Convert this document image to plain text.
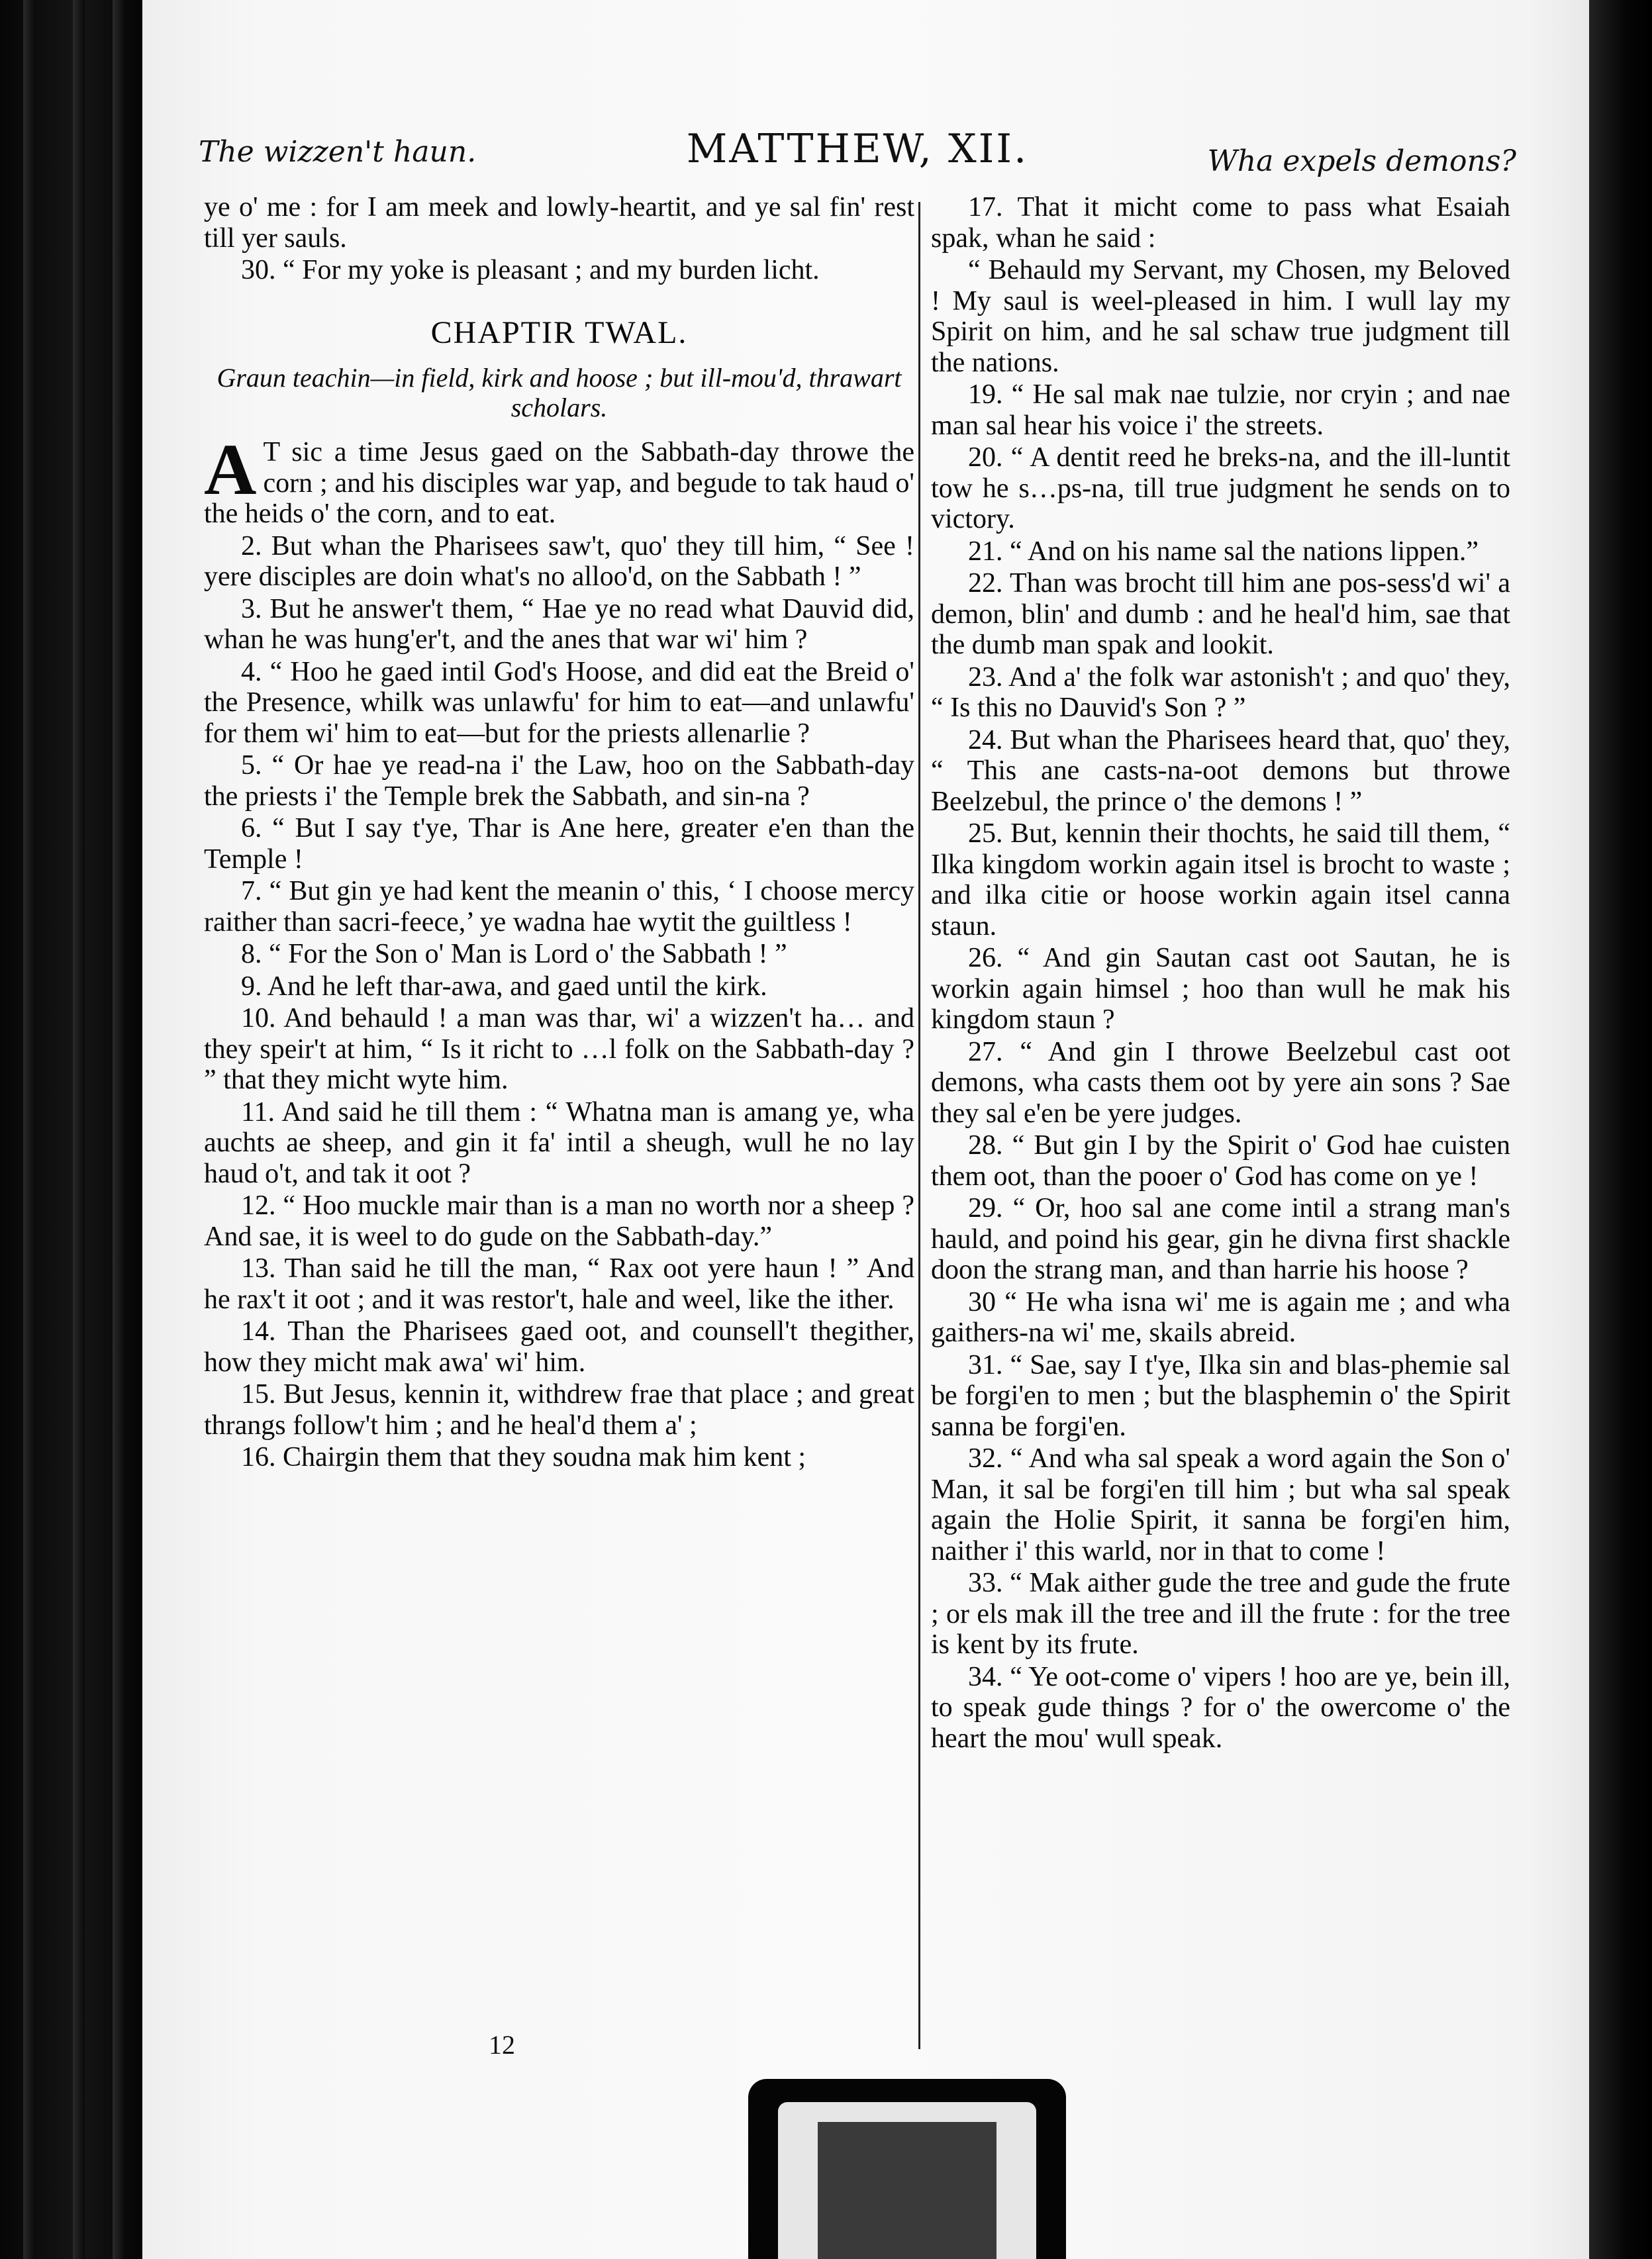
The wizzen't haun.	MATTHEW, XII.	Wha expels demons?

ye o' me : for I am meek and lowly-heartit, and ye sal fin' rest till yer sauls.

30. “ For my yoke is pleasant ; and my burden licht.

CHAPTIR TWAL.

Graun teachin—in field, kirk and hoose ; but ill-mou'd, thrawart scholars.

A T sic a time Jesus gaed on the Sabbath-day throwe the corn ; and his disciples war yap, and begude to tak haud o' the heids o' the corn, and to eat.

2. But whan the Pharisees saw't, quo' they till him, “ See ! yere disciples are doin what's no alloo'd, on the Sabbath ! ”

3. But he answer't them, “ Hae ye no read what Dauvid did, whan he was hung'er't, and the anes that war wi' him ?

4. “ Hoo he gaed intil God's Hoose, and did eat the Breid o' the Presence, whilk was unlawfu' for him to eat—and unlawfu' for them wi' him to eat—but for the priests allenarlie ?

5. “ Or hae ye read-na i' the Law, hoo on the Sabbath-day the priests i' the Temple brek the Sabbath, and sin-na ?

6. “ But I say t'ye, Thar is Ane here, greater e'en than the Temple !

7. “ But gin ye had kent the meanin o' this, ‘ I choose mercy raither than sacri-feece,’ ye wadna hae wytit the guiltless !

8. “ For the Son o' Man is Lord o' the Sabbath ! ”

9. And he left thar-awa, and gaed until the kirk.

10. And behauld ! a man was thar, wi' a wizzen't ha… and they speir't at him, “ Is it richt to …l folk on the Sabbath-day ? ” that they micht wyte him.

11. And said he till them : “ Whatna man is amang ye, wha auchts ae sheep, and gin it fa' intil a sheugh, wull he no lay haud o't, and tak it oot ?

12. “ Hoo muckle mair than is a man no worth nor a sheep ? And sae, it is weel to do gude on the Sabbath-day.”

13. Than said he till the man, “ Rax oot yere haun ! ” And he rax't it oot ; and it was restor't, hale and weel, like the ither.

14. Than the Pharisees gaed oot, and counsell't thegither, how they micht mak awa' wi' him.

15. But Jesus, kennin it, withdrew frae that place ; and great thrangs follow't him ; and he heal'd them a' ;

16. Chairgin them that they soudna mak him kent ;

17. That it micht come to pass what Esaiah spak, whan he said :

“ Behauld my Servant, my Chosen, my Beloved ! My saul is weel-pleased in him. I wull lay my Spirit on him, and he sal schaw true judgment till the nations.

19. “ He sal mak nae tulzie, nor cryin ; and nae man sal hear his voice i' the streets.

20. “ A dentit reed he breks-na, and the ill-luntit tow he s…ps-na, till true judgment he sends on to victory.

21. “ And on his name sal the nations lippen.”

22. Than was brocht till him ane pos-sess'd wi' a demon, blin' and dumb : and he heal'd him, sae that the dumb man spak and lookit.

23. And a' the folk war astonish't ; and quo' they, “ Is this no Dauvid's Son ? ”

24. But whan the Pharisees heard that, quo' they, “ This ane casts-na-oot demons but throwe Beelzebul, the prince o' the demons ! ”

25. But, kennin their thochts, he said till them, “ Ilka kingdom workin again itsel is brocht to waste ; and ilka citie or hoose workin again itsel canna staun.

26. “ And gin Sautan cast oot Sautan, he is workin again himsel ; hoo than wull he mak his kingdom staun ?

27. “ And gin I throwe Beelzebul cast oot demons, wha casts them oot by yere ain sons ? Sae they sal e'en be yere judges.

28. “ But gin I by the Spirit o' God hae cuisten them oot, than the pooer o' God has come on ye !

29. “ Or, hoo sal ane come intil a strang man's hauld, and poind his gear, gin he divna first shackle doon the strang man, and than harrie his hoose ?

30 “ He wha isna wi' me is again me ; and wha gaithers-na wi' me, skails abreid.

31. “ Sae, say I t'ye, Ilka sin and blas-phemie sal be forgi'en to men ; but the blasphemin o' the Spirit sanna be forgi'en.

32. “ And wha sal speak a word again the Son o' Man, it sal be forgi'en till him ; but wha sal speak again the Holie Spirit, it sanna be forgi'en him, naither i' this warld, nor in that to come !

33. “ Mak aither gude the tree and gude the frute ; or els mak ill the tree and ill the frute : for the tree is kent by its frute.

34. “ Ye oot-come o' vipers ! hoo are ye, bein ill, to speak gude things ? for o' the owercome o' the heart the mou' wull speak.

12
